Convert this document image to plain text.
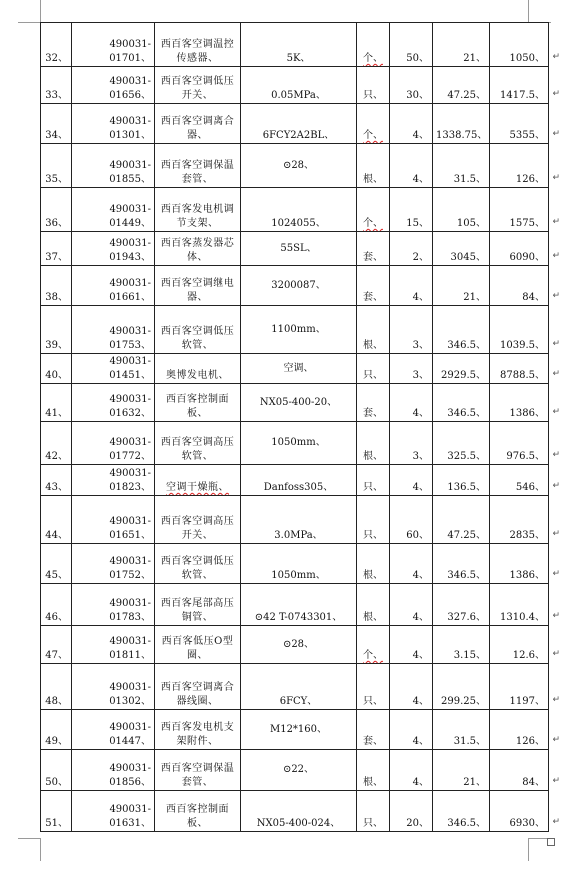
32、	490031-01701、	西百客空调温控传感器、	5K、	个、	50、	21、	1050、 ↵

33、	490031-01656、	西百客空调低压开关、	0.05MPa、	只、	30、	47.25、	1417.5、 ↵

34、	490031-01301、	西百客空调离合器、	6FCY2A2BL、	个、	4、	1338.75、	5355、 ↵

35、	490031-01855、	西百客空调保温套管、	⊙28、	根、	4、	31.5、	126、 ↵

36、	490031-01449、	西百客发电机调节支架、	1024055、	个、	15、	105、	1575、 ↵

37、	490031-01943、	西百客蒸发器芯体、	55SL、	套、	2、	3045、	6090、 ↵

38、	490031-01661、	西百客空调继电器、	3200087、	套、	4、	21、	84、 ↵

39、	490031-01753、	西百客空调低压软管、	1100mm、	根、	3、	346.5、	1039.5、 ↵

40、	490031-01451、	奥博发电机、	空调、	只、	3、	2929.5、	8788.5、 ↵

41、	490031-01632、	西百客控制面板、	NX05-400-20、	套、	4、	346.5、	1386、 ↵

42、	490031-01772、	西百客空调高压软管、	1050mm、	根、	3、	325.5、	976.5、 ↵

43、	490031-01823、	空调干燥瓶、	Danfoss305、	只、	4、	136.5、	546、 ↵

44、	490031-01651、	西百客空调高压开关、	3.0MPa、	只、	60、	47.25、	2835、 ↵

45、	490031-01752、	西百客空调低压软管、	1050mm、	根、	4、	346.5、	1386、 ↵

46、	490031-01783、	西百客尾部高压铜管、	⊙42 T-0743301、	根、	4、	327.6、	1310.4、 ↵

47、	490031-01811、	西百客低压O型圈、	⊙28、	个、	4、	3.15、	12.6、 ↵

48、	490031-01302、	西百客空调离合器线圈、	6FCY、	只、	4、	299.25、	1197、 ↵

49、	490031-01447、	西百客发电机支架附件、	M12*160、	套、	4、	31.5、	126、 ↵

50、	490031-01856、	西百客空调保温套管、	⊙22、	根、	4、	21、	84、 ↵

51、	490031-01631、	西百客控制面板、	NX05-400-024、	只、	20、	346.5、	6930、 ↵
